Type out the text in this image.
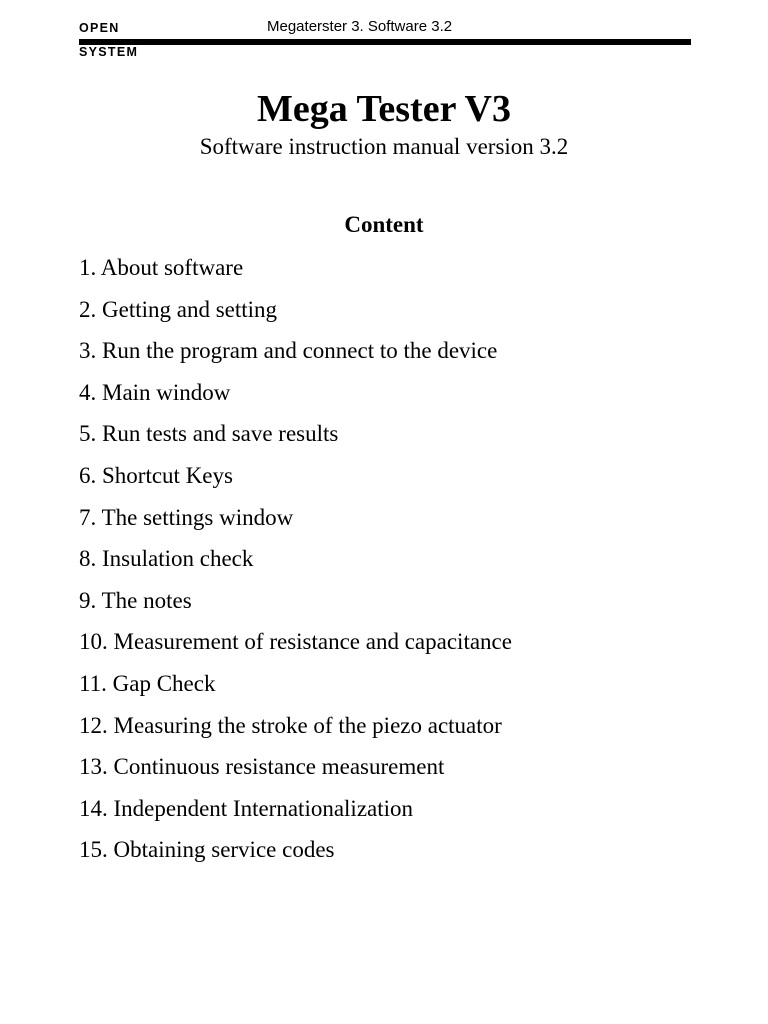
OPEN
SYSTEM
Megaterster 3. Software 3.2
Mega Tester V3
Software instruction manual version 3.2
Content
1. About software
2. Getting and setting
3. Run the program and connect to the device
4. Main window
5. Run tests and save results
6. Shortcut Keys
7. The settings window
8. Insulation check
9. The notes
10. Measurement of resistance and capacitance
11. Gap Check
12. Measuring the stroke of the piezo actuator
13. Continuous resistance measurement
14. Independent Internationalization
15. Obtaining service codes
